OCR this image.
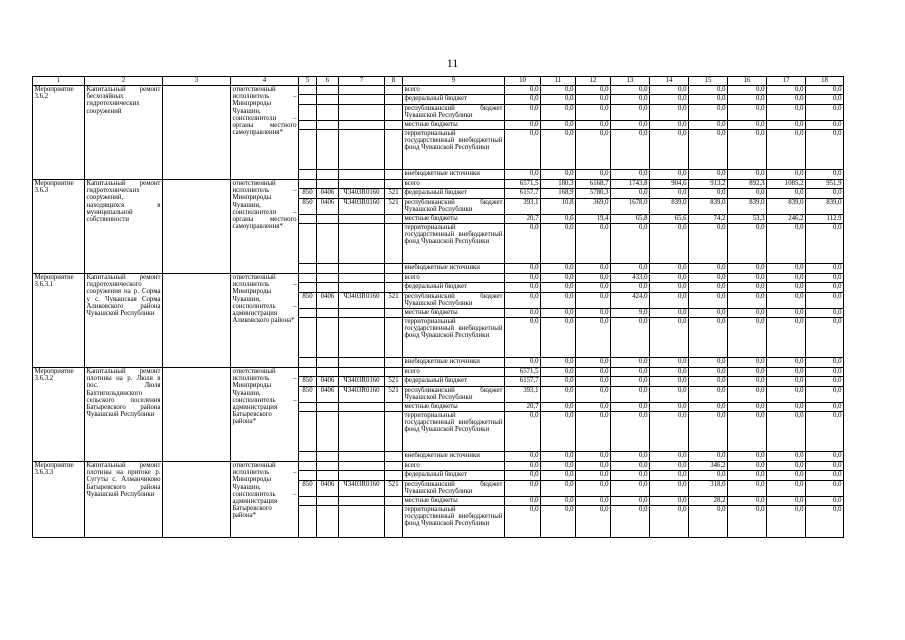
11
1	2	3	4	5	6	7	8	9	10	11	12	13	14	15	16	17	18
Мероприятие 3.6.2	Капитальный ремонт бесхозяйных гидротехнических сооружений		ответственный исполнитель – Минприроды Чувашии, соисполнители – органы местного самоуправления*					всего	0,0	0,0	0,0	0,0	0,0	0,0	0,0	0,0	0,0
								федеральный бюджет	0,0	0,0	0,0	0,0	0,0	0,0	0,0	0,0	0,0
								республиканский бюджет Чувашской Республики	0,0	0,0	0,0	0,0	0,0	0,0	0,0	0,0	0,0
								местные бюджеты	0,0	0,0	0,0	0,0	0,0	0,0	0,0	0,0	0,0
								территориальный государственный внебюджетный фонд Чувашской Республики	0,0	0,0	0,0	0,0	0,0	0,0	0,0	0,0	0,0
								внебюджетные источники	0,0	0,0	0,0	0,0	0,0	0,0	0,0	0,0	0,0
Мероприятие 3.6.3	Капитальный ремонт гидротехнических сооружений, находящихся в муниципальной собственности		ответственный исполнитель – Минприроды Чувашии, соисполнители – органы местного самоуправления*					всего	6571,5	180,3	6168,7	1743,8	904,6	913,2	892,3	1085,2	951,9
				850	0406	Ч3403R0160	521	федеральный бюджет	6157,7	168,9	5780,3	0,0	0,0	0,0	0,0	0,0	0,0
				850	0406	Ч3403R0160	521	республиканский бюджет Чувашской Республики	393,1	10,8	369,0	1678,0	839,0	839,0	839,0	839,0	839,0
								местные бюджеты	20,7	0,6	19,4	65,8	65,6	74,2	53,3	246,2	112,9
								территориальный государственный внебюджетный фонд Чувашской Республики	0,0	0,0	0,0	0,0	0,0	0,0	0,0	0,0	0,0
								внебюджетные источники	0,0	0,0	0,0	0,0	0,0	0,0	0,0	0,0	0,0
Мероприятие 3.6.3.1	Капитальный ремонт гидротехнического сооружения на р. Сорма у с. Чувашская Сорма Аликовского района Чувашской Республики		ответственный исполнитель – Минприроды Чувашии, соисполнитель – администрация Аликовского района*					всего	0,0	0,0	0,0	433,0	0,0	0,0	0,0	0,0	0,0
								федеральный бюджет	0,0	0,0	0,0	0,0	0,0	0,0	0,0	0,0	0,0
				850	0406	Ч3403R0160	521	республиканский бюджет Чувашской Республики	0,0	0,0	0,0	424,0	0,0	0,0	0,0	0,0	0,0
								местные бюджеты	0,0	0,0	0,0	9,0	0,0	0,0	0,0	0,0	0,0
								территориальный государственный внебюджетный фонд Чувашской Республики	0,0	0,0	0,0	0,0	0,0	0,0	0,0	0,0	0,0
								внебюджетные источники	0,0	0,0	0,0	0,0	0,0	0,0	0,0	0,0	0,0
Мероприятие 3.6.3.2	Капитальный ремонт плотины на р. Люля в пос. Люля Бахтигильдинского сельского поселения Батыревского района Чувашской Республики		ответственный исполнитель – Минприроды Чувашии, соисполнитель – администрация Батыревского района*					всего	6571,5	0,0	0,0	0,0	0,0	0,0	0,0	0,0	0,0
				850	0406	Ч3403R0160	521	федеральный бюджет	6157,7	0,0	0,0	0,0	0,0	0,0	0,0	0,0	0,0
				850	0406	Ч3403R0160	521	республиканский бюджет Чувашской Республики	393,1	0,0	0,0	0,0	0,0	0,0	0,0	0,0	0,0
								местные бюджеты	20,7	0,0	0,0	0,0	0,0	0,0	0,0	0,0	0,0
								территориальный государственный внебюджетный фонд Чувашской Республики	0,0	0,0	0,0	0,0	0,0	0,0	0,0	0,0	0,0
								внебюджетные источники	0,0	0,0	0,0	0,0	0,0	0,0	0,0	0,0	0,0
Мероприятие 3.6.3.3	Капитальный ремонт плотины на притоке р. Сугуты с. Алманчиково Батыревского района Чувашской Республики		ответственный исполнитель – Минприроды Чувашии, соисполнитель – администрация Батыревского района*					всего	0,0	0,0	0,0	0,0	0,0	346,2	0,0	0,0	0,0
								федеральный бюджет	0,0	0,0	0,0	0,0	0,0	0,0	0,0	0,0	0,0
				850	0406	Ч3403R0160	521	республиканский бюджет Чувашской Республики	0,0	0,0	0,0	0,0	0,0	318,0	0,0	0,0	0,0
								местные бюджеты	0,0	0,0	0,0	0,0	0,0	28,2	0,0	0,0	0,0
								территориальный государственный внебюджетный фонд Чувашской Республики	0,0	0,0	0,0	0,0	0,0	0,0	0,0	0,0	0,0
